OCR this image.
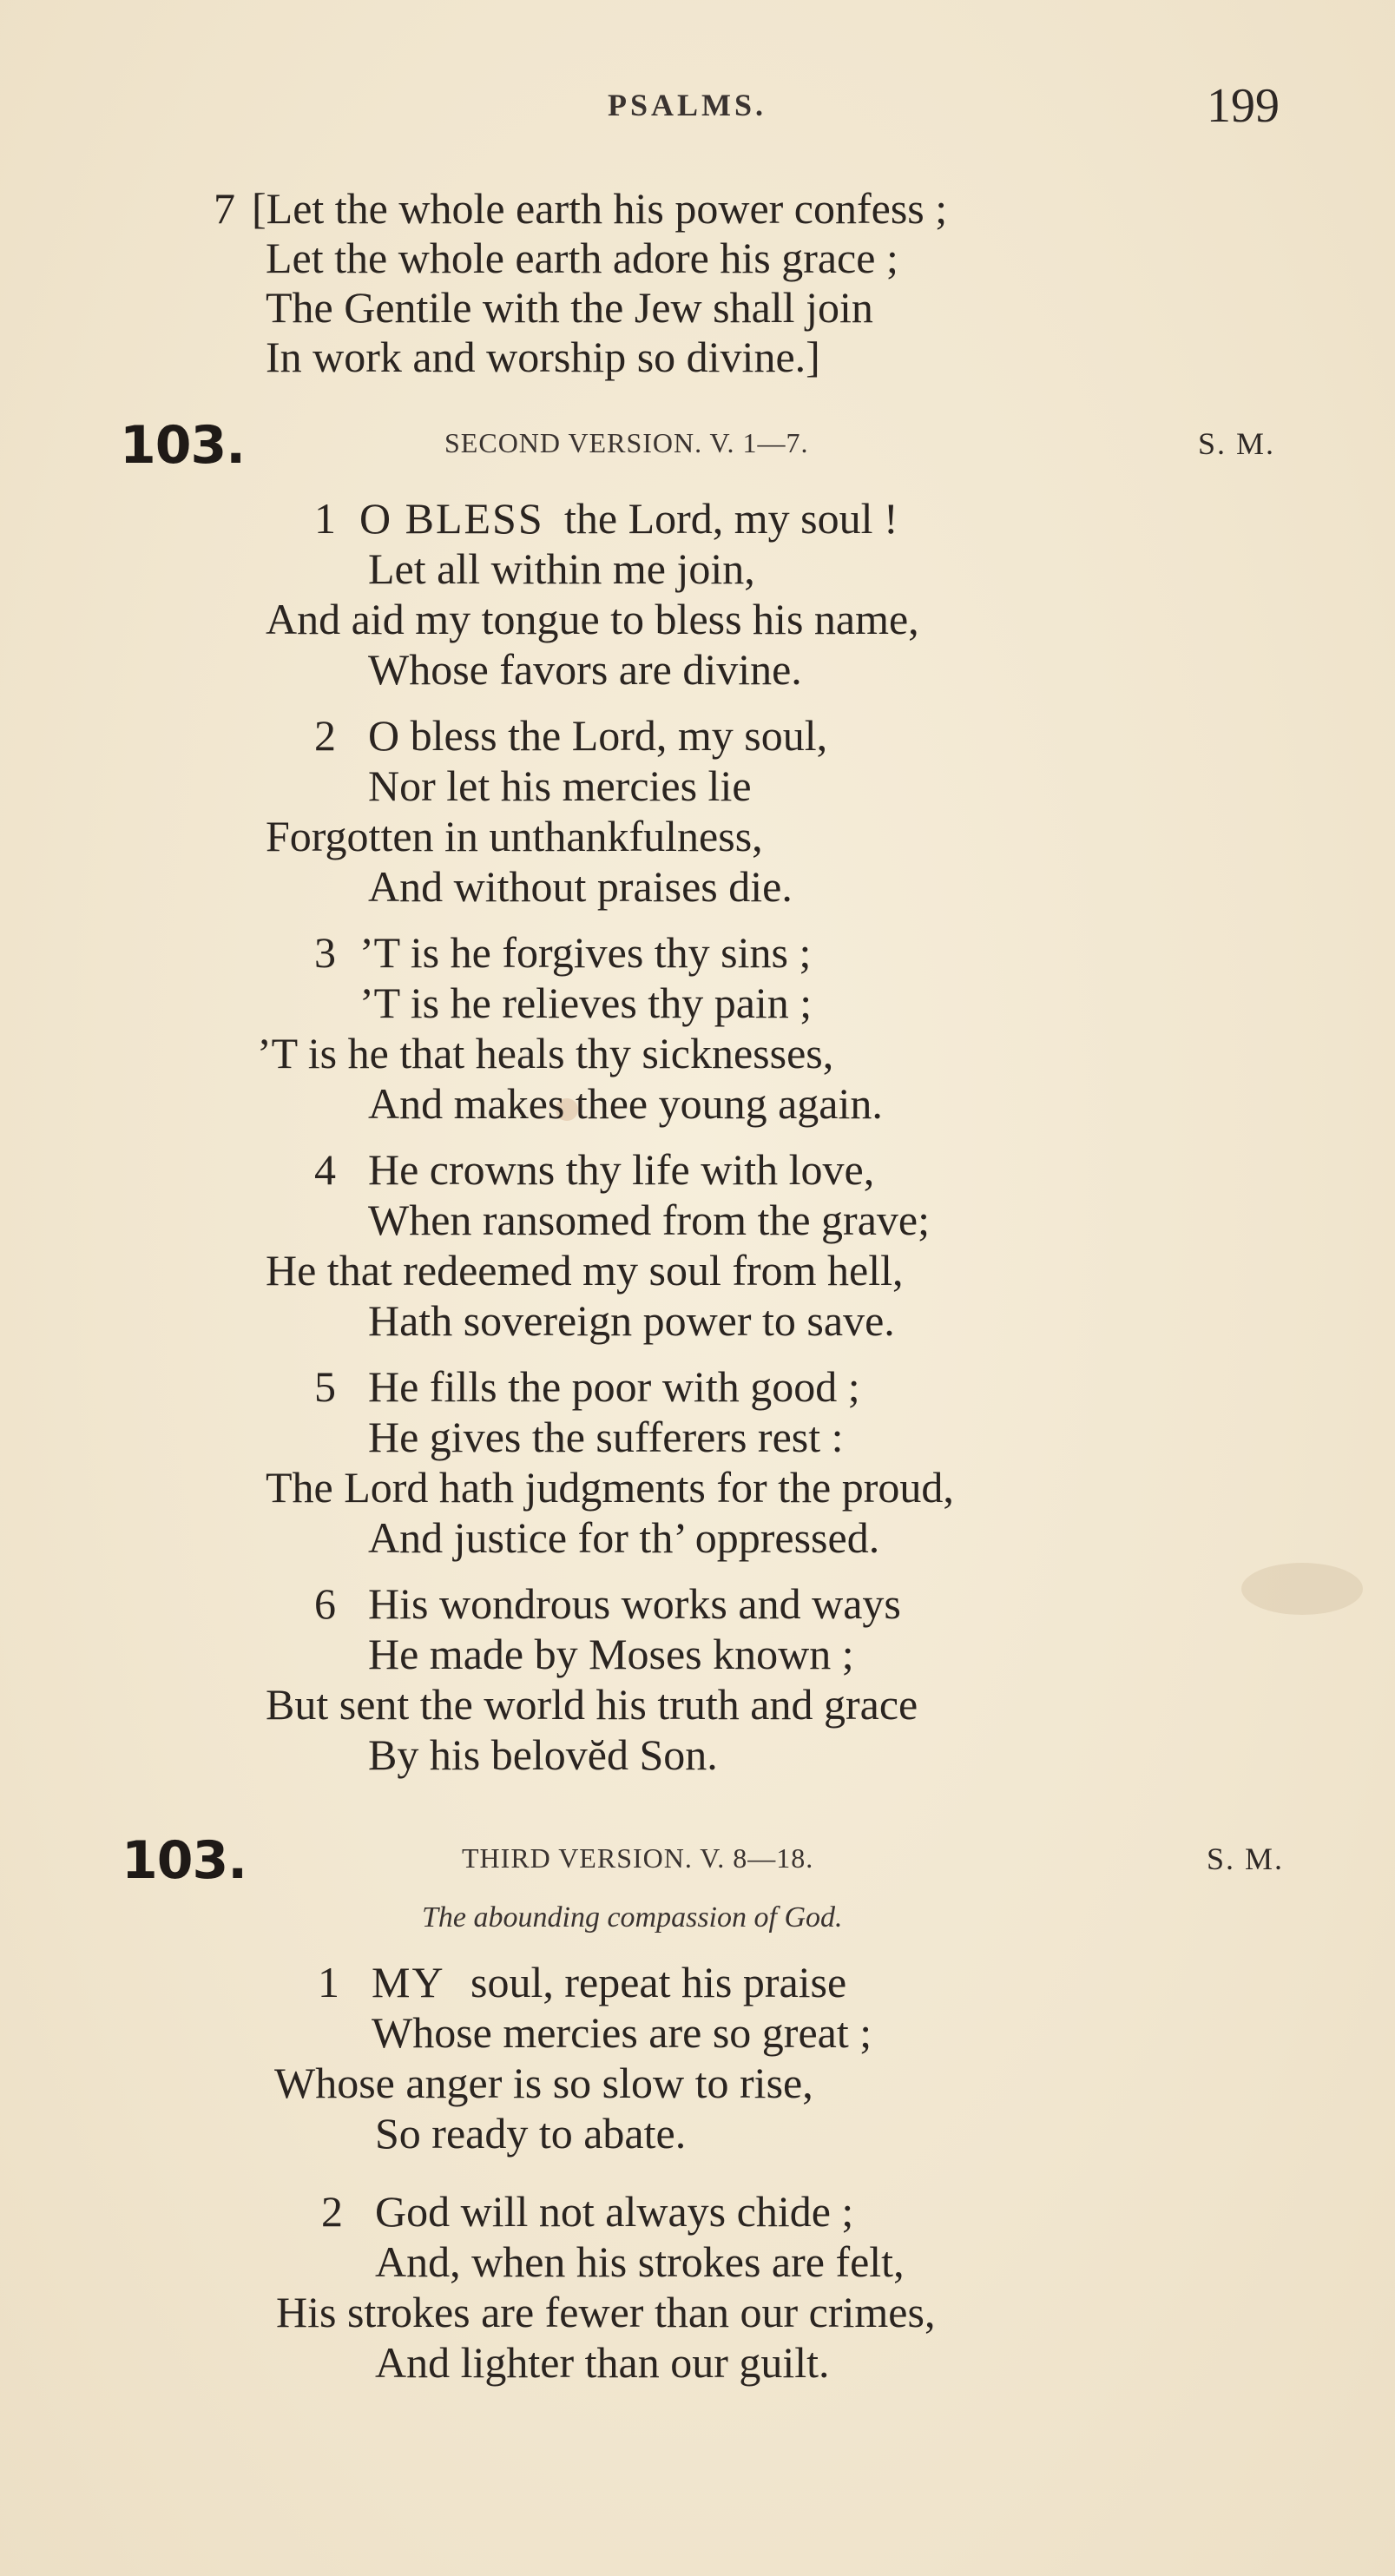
PSALMS.	199
7 [Let the whole earth his power confess ;
Let the whole earth adore his grace ;
The Gentile with the Jew shall join
In work and worship so divine.]
103.	SECOND VERSION. V. 1—7.	S. M.
1 O BLESS the Lord, my soul !
Let all within me join,
And aid my tongue to bless his name,
Whose favors are divine.
2 O bless the Lord, my soul,
Nor let his mercies lie
Forgotten in unthankfulness,
And without praises die.
3 ’T is he forgives thy sins ;
’T is he relieves thy pain ;
’T is he that heals thy sicknesses,
And makes thee young again.
4 He crowns thy life with love,
When ransomed from the grave;
He that redeemed my soul from hell,
Hath sovereign power to save.
5 He fills the poor with good ;
He gives the sufferers rest :
The Lord hath judgments for the proud,
And justice for th’ oppressed.
6 His wondrous works and ways
He made by Moses known ;
But sent the world his truth and grace
By his belovĕd Son.
103.	THIRD VERSION. V. 8—18.	S. M.
The abounding compassion of God.
1 MY soul, repeat his praise
Whose mercies are so great ;
Whose anger is so slow to rise,
So ready to abate.
2 God will not always chide ;
And, when his strokes are felt,
His strokes are fewer than our crimes,
And lighter than our guilt.
